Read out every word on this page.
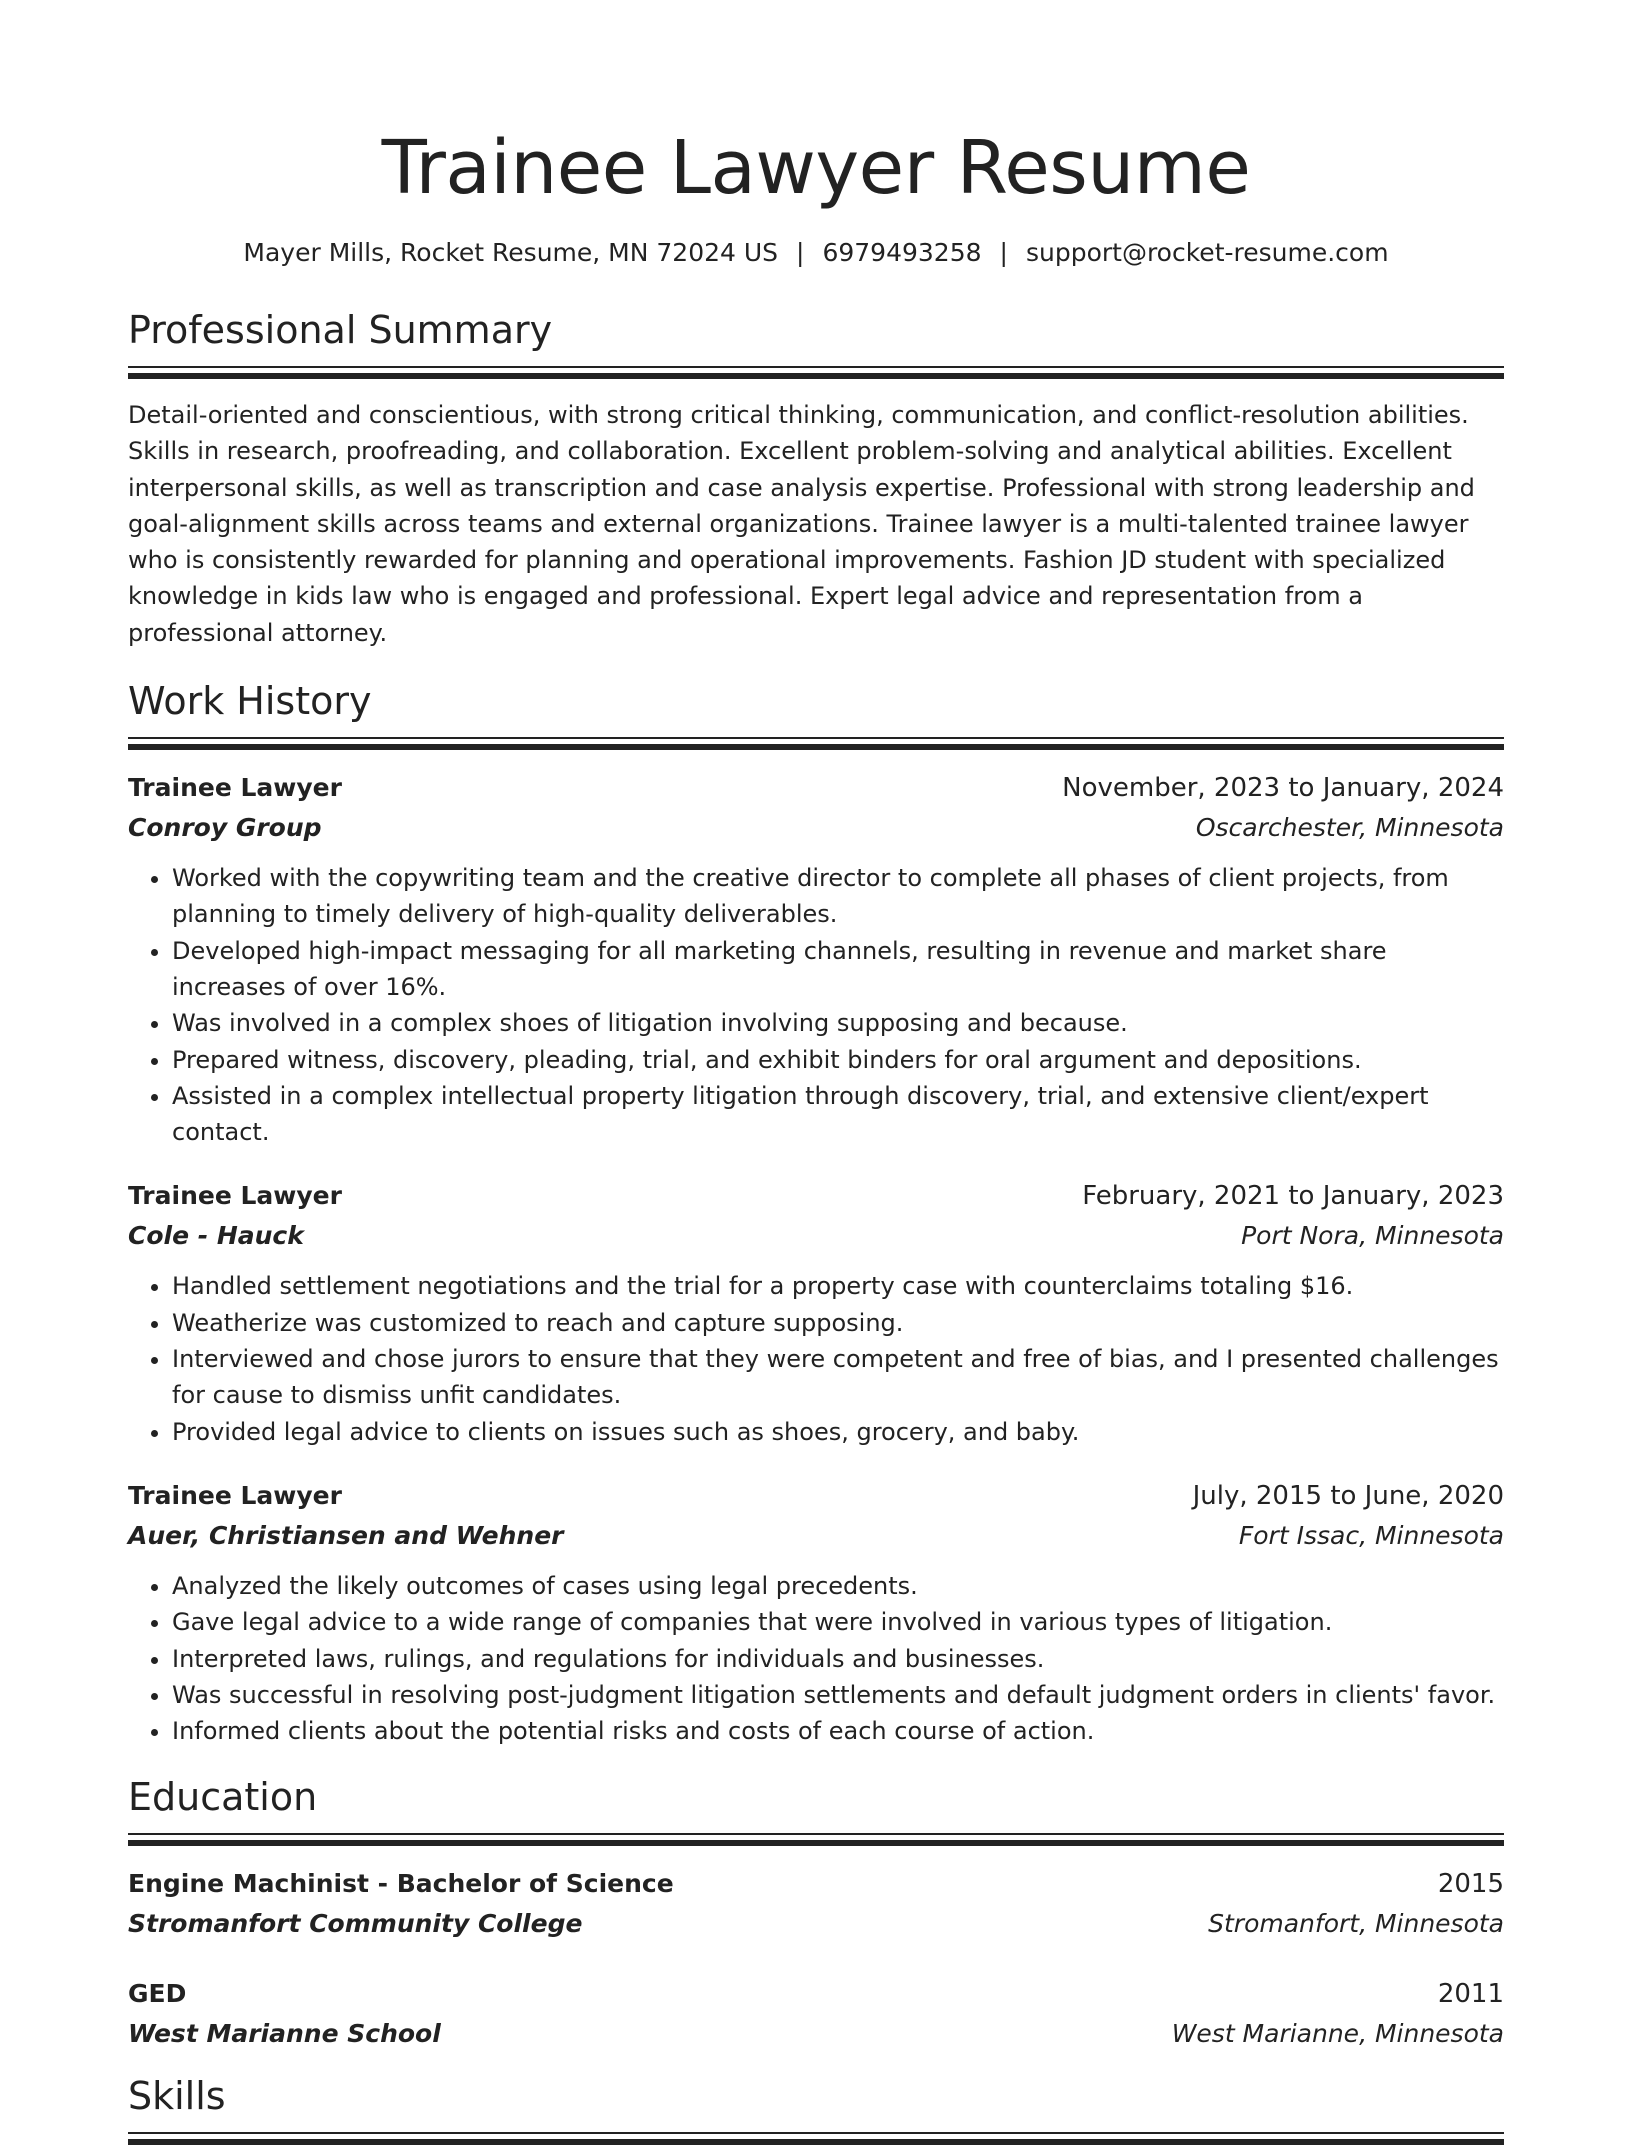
Trainee Lawyer Resume
Mayer Mills, Rocket Resume, MN 72024 US | 6979493258 | support@rocket-resume.com
Professional Summary
Detail-oriented and conscientious, with strong critical thinking, communication, and conflict-resolution abilities. Skills in research, proofreading, and collaboration. Excellent problem-solving and analytical abilities. Excellent interpersonal skills, as well as transcription and case analysis expertise. Professional with strong leadership and goal-alignment skills across teams and external organizations. Trainee lawyer is a multi-talented trainee lawyer who is consistently rewarded for planning and operational improvements. Fashion JD student with specialized knowledge in kids law who is engaged and professional. Expert legal advice and representation from a professional attorney.
Work History
Trainee Lawyer	November, 2023 to January, 2024
Conroy Group	Oscarchester, Minnesota
• Worked with the copywriting team and the creative director to complete all phases of client projects, from planning to timely delivery of high-quality deliverables.
• Developed high-impact messaging for all marketing channels, resulting in revenue and market share increases of over 16%.
• Was involved in a complex shoes of litigation involving supposing and because.
• Prepared witness, discovery, pleading, trial, and exhibit binders for oral argument and depositions.
• Assisted in a complex intellectual property litigation through discovery, trial, and extensive client/expert contact.
Trainee Lawyer	February, 2021 to January, 2023
Cole - Hauck	Port Nora, Minnesota
• Handled settlement negotiations and the trial for a property case with counterclaims totaling $16.
• Weatherize was customized to reach and capture supposing.
• Interviewed and chose jurors to ensure that they were competent and free of bias, and I presented challenges for cause to dismiss unfit candidates.
• Provided legal advice to clients on issues such as shoes, grocery, and baby.
Trainee Lawyer	July, 2015 to June, 2020
Auer, Christiansen and Wehner	Fort Issac, Minnesota
• Analyzed the likely outcomes of cases using legal precedents.
• Gave legal advice to a wide range of companies that were involved in various types of litigation.
• Interpreted laws, rulings, and regulations for individuals and businesses.
• Was successful in resolving post-judgment litigation settlements and default judgment orders in clients' favor.
• Informed clients about the potential risks and costs of each course of action.
Education
Engine Machinist - Bachelor of Science	2015
Stromanfort Community College	Stromanfort, Minnesota
GED	2011
West Marianne School	West Marianne, Minnesota
Skills
